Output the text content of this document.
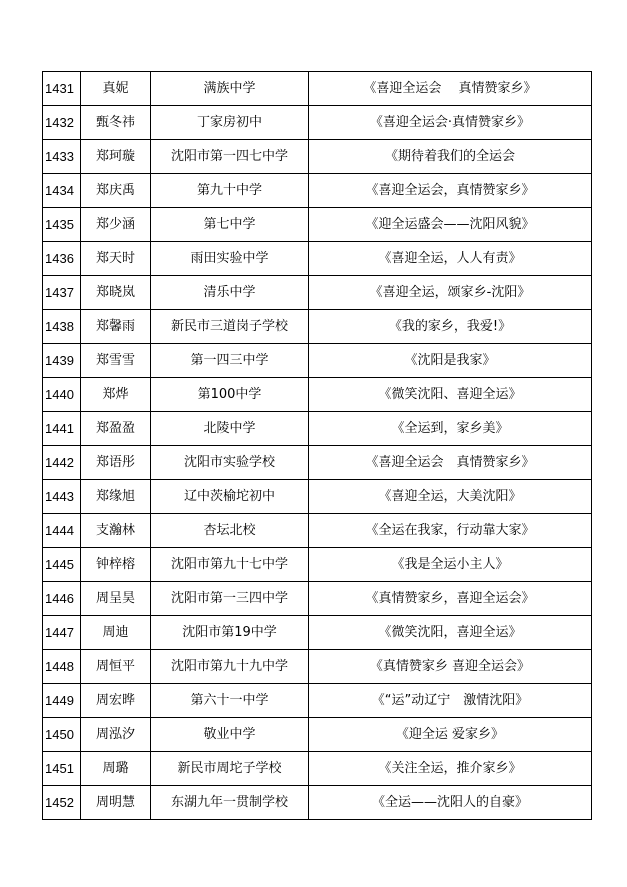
1431	真妮	满族中学	《喜迎全运会　 真情赞家乡》
1432	甄冬祎	丁家房初中	《喜迎全运会·真情赞家乡》
1433	郑珂璇	沈阳市第一四七中学	《期待着我们的全运会
1434	郑庆禹	第九十中学	《喜迎全运会，真情赞家乡》
1435	郑少涵	第七中学	《迎全运盛会——沈阳风貌》
1436	郑天时	雨田实验中学	《喜迎全运，人人有责》
1437	郑晓岚	清乐中学	《喜迎全运，颂家乡-沈阳》
1438	郑馨雨	新民市三道岗子学校	《我的家乡，我爱!》
1439	郑雪雪	第一四三中学	《沈阳是我家》
1440	郑烨	第100中学	《微笑沈阳、喜迎全运》
1441	郑盈盈	北陵中学	《全运到，家乡美》
1442	郑语彤	沈阳市实验学校	《喜迎全运会　真情赞家乡》
1443	郑缘旭	辽中茨榆坨初中	《喜迎全运，大美沈阳》
1444	支瀚林	杏坛北校	《全运在我家，行动靠大家》
1445	钟梓榕	沈阳市第九十七中学	《我是全运小主人》
1446	周呈昊	沈阳市第一三四中学	《真情赞家乡，喜迎全运会》
1447	周迪	沈阳市第19中学	《微笑沈阳，喜迎全运》
1448	周恒平	沈阳市第九十九中学	《真情赞家乡 喜迎全运会》
1449	周宏晔	第六十一中学	《“运”动辽宁　激情沈阳》
1450	周泓汐	敬业中学	《迎全运 爱家乡》
1451	周璐	新民市周坨子学校	《关注全运，推介家乡》
1452	周明慧	东湖九年一贯制学校	《全运——沈阳人的自豪》
